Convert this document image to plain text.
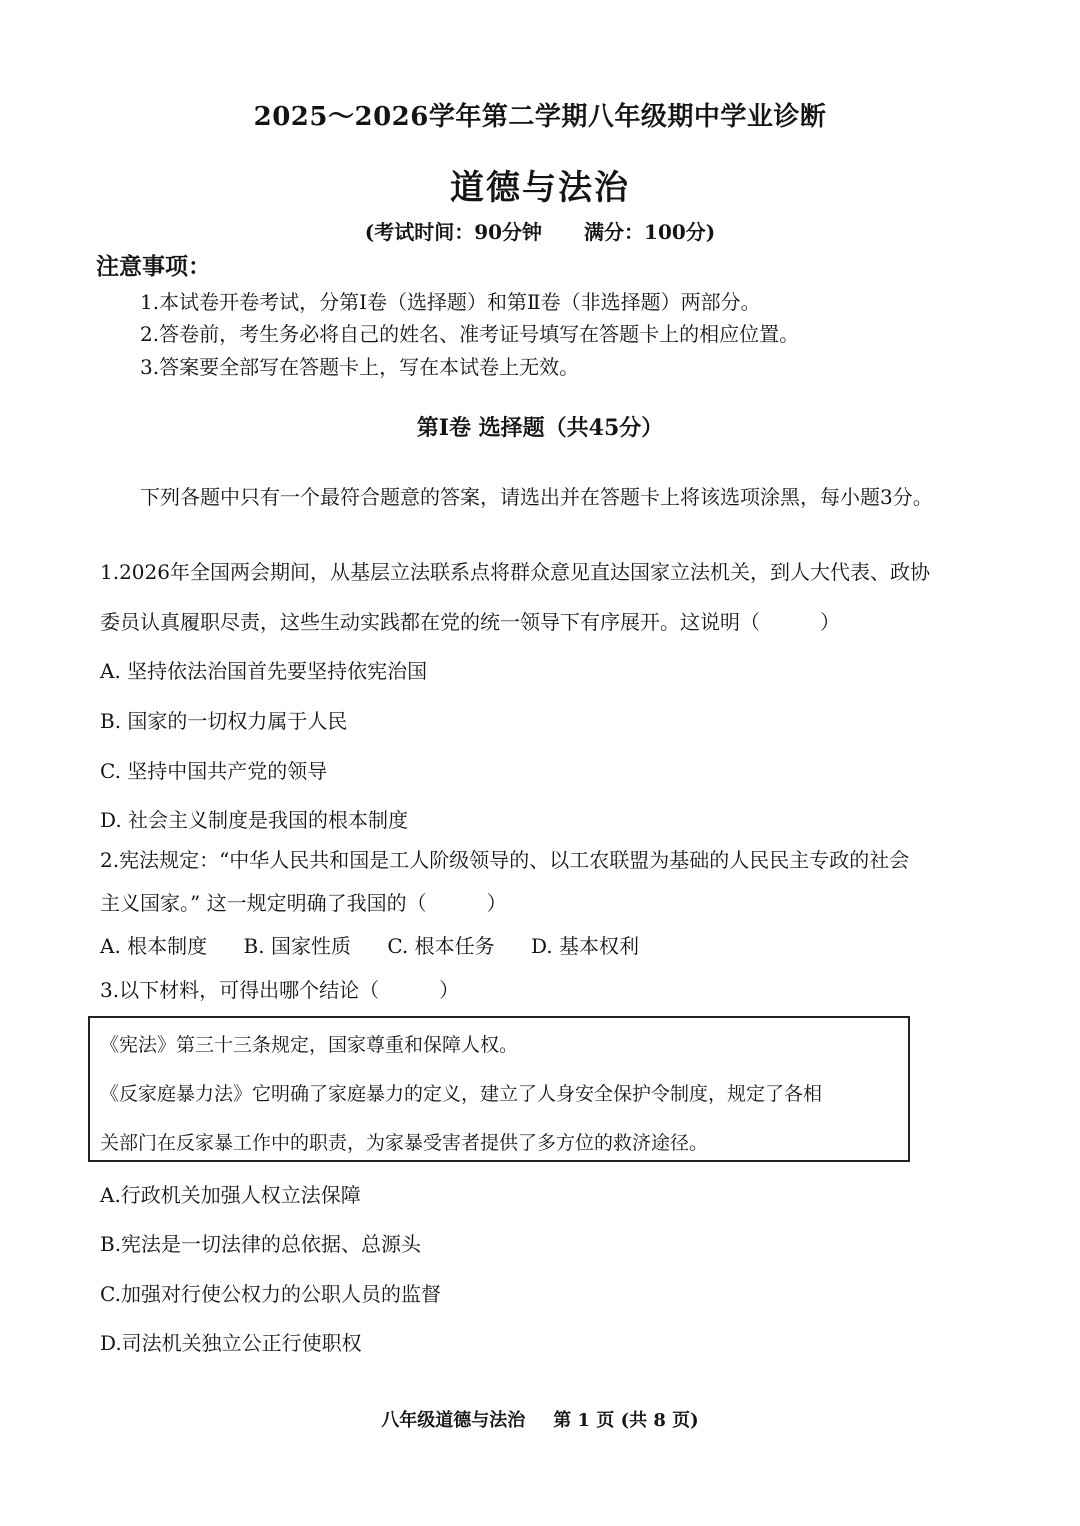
2025～2026学年第二学期八年级期中学业诊断
道德与法治
(考试时间：90分钟 满分：100分)
注意事项：
1.本试卷开卷考试，分第Ⅰ卷（选择题）和第Ⅱ卷（非选择题）两部分。
2.答卷前，考生务必将自己的姓名、准考证号填写在答题卡上的相应位置。
3.答案要全部写在答题卡上，写在本试卷上无效。
第Ⅰ卷 选择题（共45分）
下列各题中只有一个最符合题意的答案，请选出并在答题卡上将该选项涂黑，每小题3分。
1.2026年全国两会期间，从基层立法联系点将群众意见直达国家立法机关，到人大代表、政协
委员认真履职尽责，这些生动实践都在党的统一领导下有序展开。这说明（　　　）
A. 坚持依法治国首先要坚持依宪治国
B. 国家的一切权力属于人民
C. 坚持中国共产党的领导
D. 社会主义制度是我国的根本制度
2.宪法规定：“中华人民共和国是工人阶级领导的、以工农联盟为基础的人民民主专政的社会
主义国家。” 这一规定明确了我国的（　　　）
A. 根本制度 B. 国家性质 C. 根本任务 D. 基本权利
3.以下材料，可得出哪个结论（　　　）
《宪法》第三十三条规定，国家尊重和保障人权。
《反家庭暴力法》它明确了家庭暴力的定义，建立了人身安全保护令制度，规定了各相
关部门在反家暴工作中的职责，为家暴受害者提供了多方位的救济途径。
A.行政机关加强人权立法保障
B.宪法是一切法律的总依据、总源头
C.加强对行使公权力的公职人员的监督
D.司法机关独立公正行使职权
八年级道德与法治 第 1 页 (共 8 页)
